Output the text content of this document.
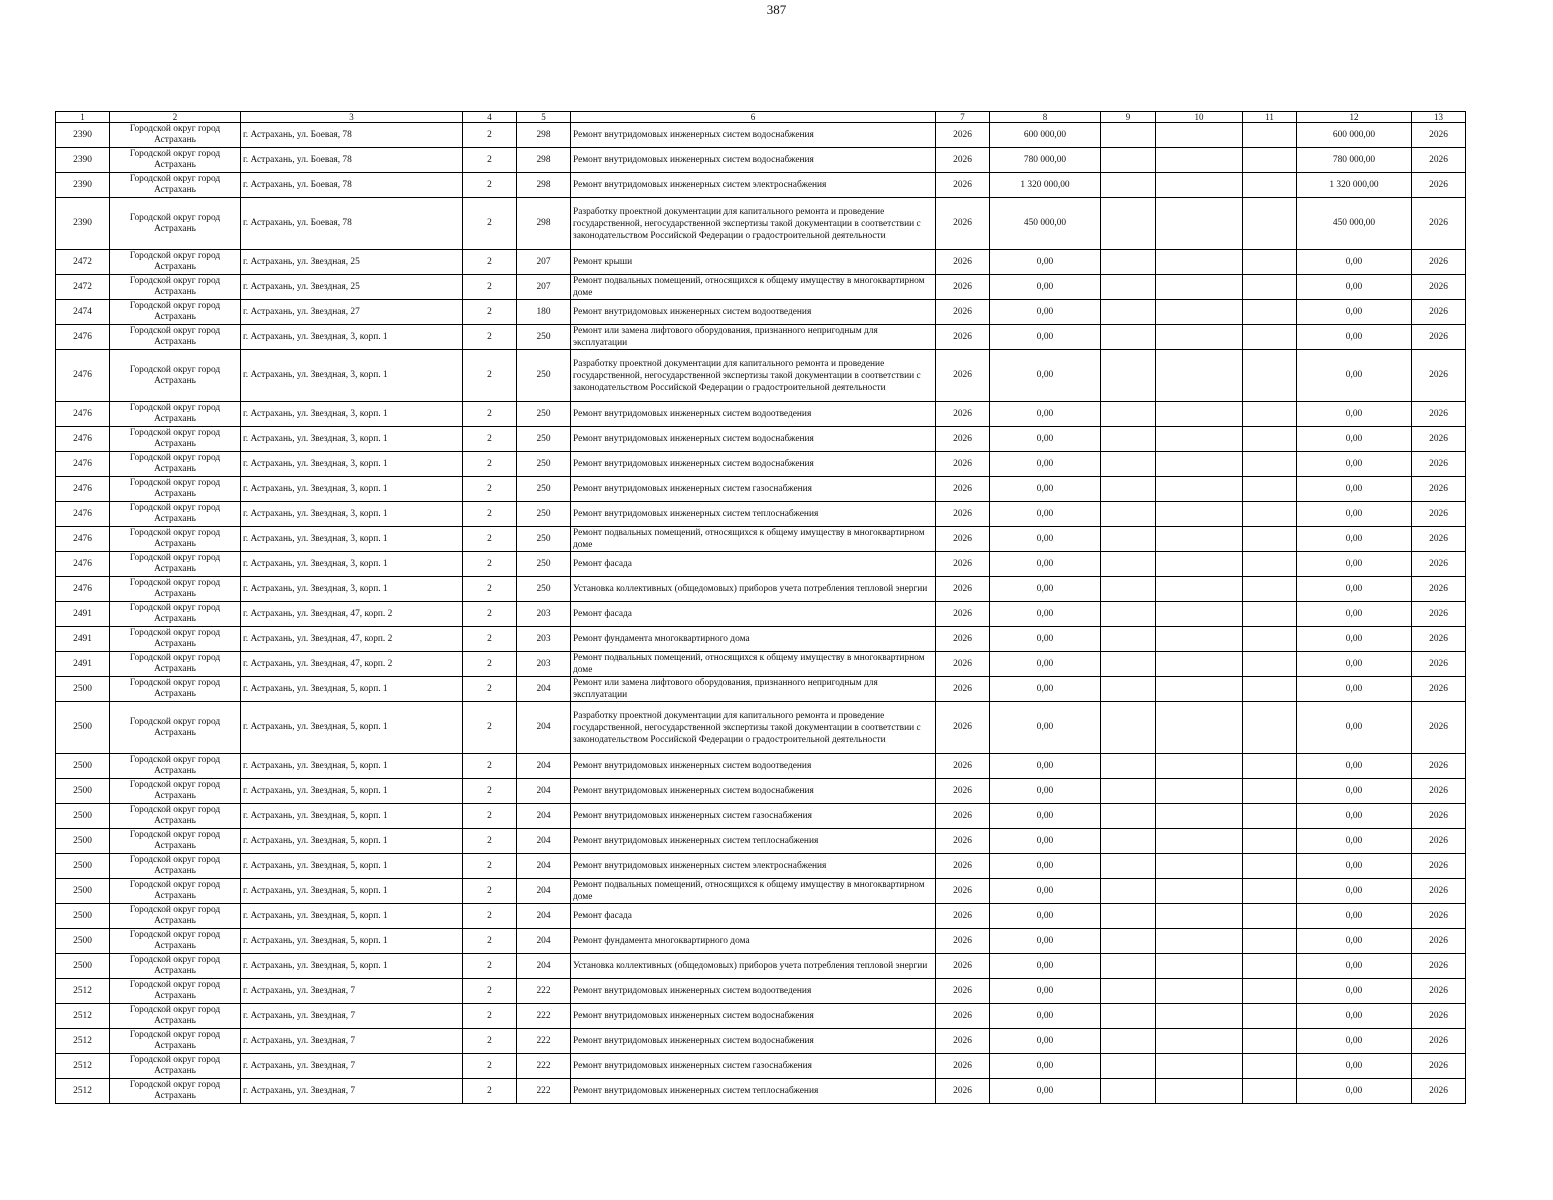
387
1	2	3	4	5	6	7	8	9	10	11	12	13
2390	Городской округ город Астрахань	г. Астрахань, ул. Боевая, 78	2	298	Ремонт внутридомовых инженерных систем водоснабжения	2026	600 000,00				600 000,00	2026
2390	Городской округ город Астрахань	г. Астрахань, ул. Боевая, 78	2	298	Ремонт внутридомовых инженерных систем водоснабжения	2026	780 000,00				780 000,00	2026
2390	Городской округ город Астрахань	г. Астрахань, ул. Боевая, 78	2	298	Ремонт внутридомовых инженерных систем электроснабжения	2026	1 320 000,00				1 320 000,00	2026
2390	Городской округ город Астрахань	г. Астрахань, ул. Боевая, 78	2	298	Разработку проектной документации для капитального ремонта и проведение государственной, негосударственной экспертизы такой документации в соответствии с законодательством Российской Федерации о градостроительной деятельности	2026	450 000,00				450 000,00	2026
2472	Городской округ город Астрахань	г. Астрахань, ул. Звездная, 25	2	207	Ремонт крыши	2026	0,00				0,00	2026
2472	Городской округ город Астрахань	г. Астрахань, ул. Звездная, 25	2	207	Ремонт подвальных помещений, относящихся к общему имуществу в многоквартирном доме	2026	0,00				0,00	2026
2474	Городской округ город Астрахань	г. Астрахань, ул. Звездная, 27	2	180	Ремонт внутридомовых инженерных систем водоотведения	2026	0,00				0,00	2026
2476	Городской округ город Астрахань	г. Астрахань, ул. Звездная, 3, корп. 1	2	250	Ремонт или замена лифтового оборудования, признанного непригодным для эксплуатации	2026	0,00				0,00	2026
2476	Городской округ город Астрахань	г. Астрахань, ул. Звездная, 3, корп. 1	2	250	Разработку проектной документации для капитального ремонта и проведение государственной, негосударственной экспертизы такой документации в соответствии с законодательством Российской Федерации о градостроительной деятельности	2026	0,00				0,00	2026
2476	Городской округ город Астрахань	г. Астрахань, ул. Звездная, 3, корп. 1	2	250	Ремонт внутридомовых инженерных систем водоотведения	2026	0,00				0,00	2026
2476	Городской округ город Астрахань	г. Астрахань, ул. Звездная, 3, корп. 1	2	250	Ремонт внутридомовых инженерных систем водоснабжения	2026	0,00				0,00	2026
2476	Городской округ город Астрахань	г. Астрахань, ул. Звездная, 3, корп. 1	2	250	Ремонт внутридомовых инженерных систем водоснабжения	2026	0,00				0,00	2026
2476	Городской округ город Астрахань	г. Астрахань, ул. Звездная, 3, корп. 1	2	250	Ремонт внутридомовых инженерных систем газоснабжения	2026	0,00				0,00	2026
2476	Городской округ город Астрахань	г. Астрахань, ул. Звездная, 3, корп. 1	2	250	Ремонт внутридомовых инженерных систем теплоснабжения	2026	0,00				0,00	2026
2476	Городской округ город Астрахань	г. Астрахань, ул. Звездная, 3, корп. 1	2	250	Ремонт подвальных помещений, относящихся к общему имуществу в многоквартирном доме	2026	0,00				0,00	2026
2476	Городской округ город Астрахань	г. Астрахань, ул. Звездная, 3, корп. 1	2	250	Ремонт фасада	2026	0,00				0,00	2026
2476	Городской округ город Астрахань	г. Астрахань, ул. Звездная, 3, корп. 1	2	250	Установка коллективных (общедомовых) приборов учета потребления тепловой энергии	2026	0,00				0,00	2026
2491	Городской округ город Астрахань	г. Астрахань, ул. Звездная, 47, корп. 2	2	203	Ремонт фасада	2026	0,00				0,00	2026
2491	Городской округ город Астрахань	г. Астрахань, ул. Звездная, 47, корп. 2	2	203	Ремонт фундамента многоквартирного дома	2026	0,00				0,00	2026
2491	Городской округ город Астрахань	г. Астрахань, ул. Звездная, 47, корп. 2	2	203	Ремонт подвальных помещений, относящихся к общему имуществу в многоквартирном доме	2026	0,00				0,00	2026
2500	Городской округ город Астрахань	г. Астрахань, ул. Звездная, 5, корп. 1	2	204	Ремонт или замена лифтового оборудования, признанного непригодным для эксплуатации	2026	0,00				0,00	2026
2500	Городской округ город Астрахань	г. Астрахань, ул. Звездная, 5, корп. 1	2	204	Разработку проектной документации для капитального ремонта и проведение государственной, негосударственной экспертизы такой документации в соответствии с законодательством Российской Федерации о градостроительной деятельности	2026	0,00				0,00	2026
2500	Городской округ город Астрахань	г. Астрахань, ул. Звездная, 5, корп. 1	2	204	Ремонт внутридомовых инженерных систем водоотведения	2026	0,00				0,00	2026
2500	Городской округ город Астрахань	г. Астрахань, ул. Звездная, 5, корп. 1	2	204	Ремонт внутридомовых инженерных систем водоснабжения	2026	0,00				0,00	2026
2500	Городской округ город Астрахань	г. Астрахань, ул. Звездная, 5, корп. 1	2	204	Ремонт внутридомовых инженерных систем газоснабжения	2026	0,00				0,00	2026
2500	Городской округ город Астрахань	г. Астрахань, ул. Звездная, 5, корп. 1	2	204	Ремонт внутридомовых инженерных систем теплоснабжения	2026	0,00				0,00	2026
2500	Городской округ город Астрахань	г. Астрахань, ул. Звездная, 5, корп. 1	2	204	Ремонт внутридомовых инженерных систем электроснабжения	2026	0,00				0,00	2026
2500	Городской округ город Астрахань	г. Астрахань, ул. Звездная, 5, корп. 1	2	204	Ремонт подвальных помещений, относящихся к общему имуществу в многоквартирном доме	2026	0,00				0,00	2026
2500	Городской округ город Астрахань	г. Астрахань, ул. Звездная, 5, корп. 1	2	204	Ремонт фасада	2026	0,00				0,00	2026
2500	Городской округ город Астрахань	г. Астрахань, ул. Звездная, 5, корп. 1	2	204	Ремонт фундамента многоквартирного дома	2026	0,00				0,00	2026
2500	Городской округ город Астрахань	г. Астрахань, ул. Звездная, 5, корп. 1	2	204	Установка коллективных (общедомовых) приборов учета потребления тепловой энергии	2026	0,00				0,00	2026
2512	Городской округ город Астрахань	г. Астрахань, ул. Звездная, 7	2	222	Ремонт внутридомовых инженерных систем водоотведения	2026	0,00				0,00	2026
2512	Городской округ город Астрахань	г. Астрахань, ул. Звездная, 7	2	222	Ремонт внутридомовых инженерных систем водоснабжения	2026	0,00				0,00	2026
2512	Городской округ город Астрахань	г. Астрахань, ул. Звездная, 7	2	222	Ремонт внутридомовых инженерных систем водоснабжения	2026	0,00				0,00	2026
2512	Городской округ город Астрахань	г. Астрахань, ул. Звездная, 7	2	222	Ремонт внутридомовых инженерных систем газоснабжения	2026	0,00				0,00	2026
2512	Городской округ город Астрахань	г. Астрахань, ул. Звездная, 7	2	222	Ремонт внутридомовых инженерных систем теплоснабжения	2026	0,00				0,00	2026
